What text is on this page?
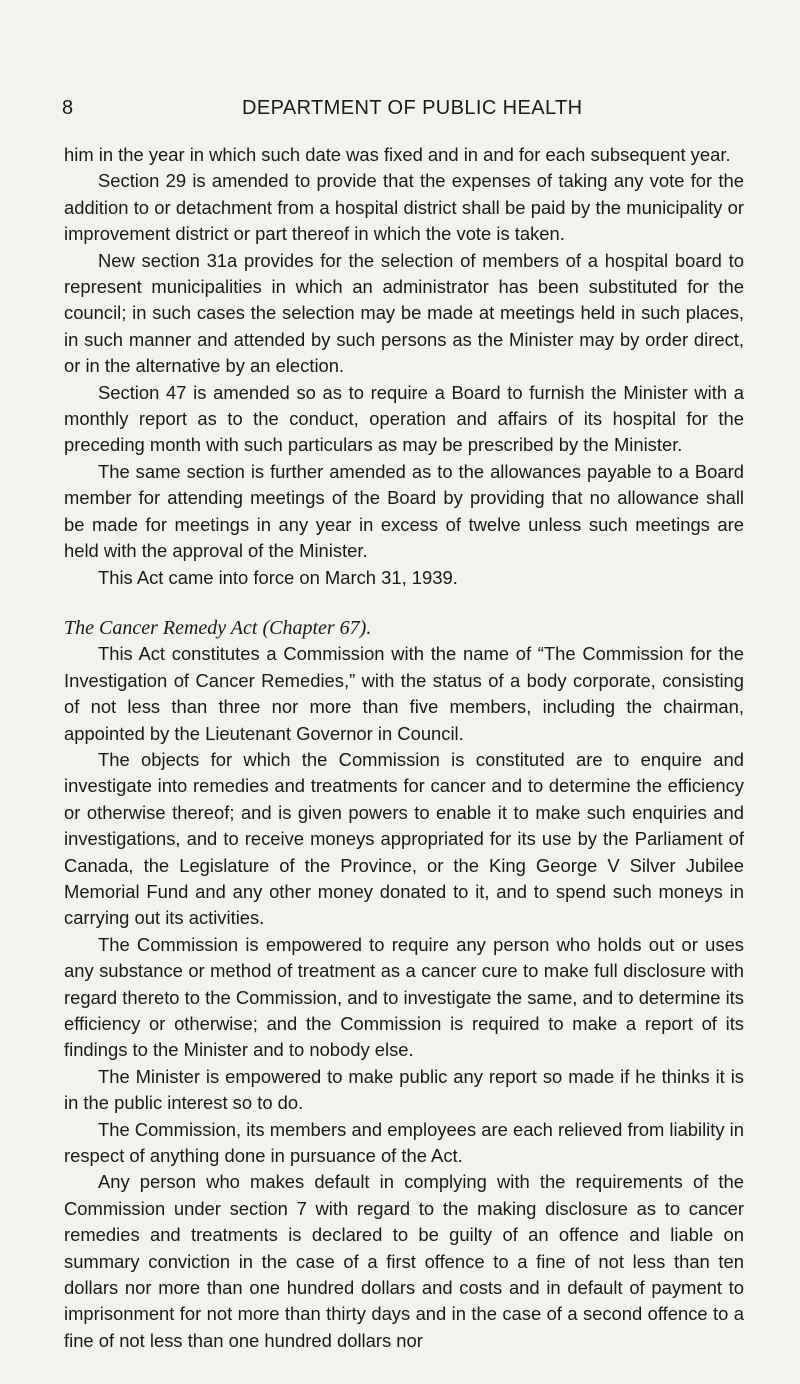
8	DEPARTMENT OF PUBLIC HEALTH

him in the year in which such date was fixed and in and for each subsequent year.

Section 29 is amended to provide that the expenses of taking any vote for the addition to or detachment from a hospital district shall be paid by the municipality or improvement district or part thereof in which the vote is taken.

New section 31a provides for the selection of members of a hospital board to represent municipalities in which an administrator has been substituted for the council; in such cases the selection may be made at meetings held in such places, in such manner and attended by such persons as the Minister may by order direct, or in the alternative by an election.

Section 47 is amended so as to require a Board to furnish the Minister with a monthly report as to the conduct, operation and affairs of its hospital for the preceding month with such particulars as may be prescribed by the Minister.

The same section is further amended as to the allowances payable to a Board member for attending meetings of the Board by providing that no allowance shall be made for meetings in any year in excess of twelve unless such meetings are held with the approval of the Minister.

This Act came into force on March 31, 1939.

The Cancer Remedy Act (Chapter 67).

This Act constitutes a Commission with the name of “The Commission for the Investigation of Cancer Remedies,” with the status of a body corporate, consisting of not less than three nor more than five members, including the chairman, appointed by the Lieutenant Governor in Council.

The objects for which the Commission is constituted are to enquire and investigate into remedies and treatments for cancer and to determine the efficiency or otherwise thereof; and is given powers to enable it to make such enquiries and investigations, and to receive moneys appropriated for its use by the Parliament of Canada, the Legislature of the Province, or the King George V Silver Jubilee Memorial Fund and any other money donated to it, and to spend such moneys in carrying out its activities.

The Commission is empowered to require any person who holds out or uses any substance or method of treatment as a cancer cure to make full disclosure with regard thereto to the Commission, and to investigate the same, and to determine its efficiency or otherwise; and the Commission is required to make a report of its findings to the Minister and to nobody else.

The Minister is empowered to make public any report so made if he thinks it is in the public interest so to do.

The Commission, its members and employees are each relieved from liability in respect of anything done in pursuance of the Act.

Any person who makes default in complying with the requirements of the Commission under section 7 with regard to the making disclosure as to cancer remedies and treatments is declared to be guilty of an offence and liable on summary conviction in the case of a first offence to a fine of not less than ten dollars nor more than one hundred dollars and costs and in default of payment to imprisonment for not more than thirty days and in the case of a second offence to a fine of not less than one hundred dollars nor
